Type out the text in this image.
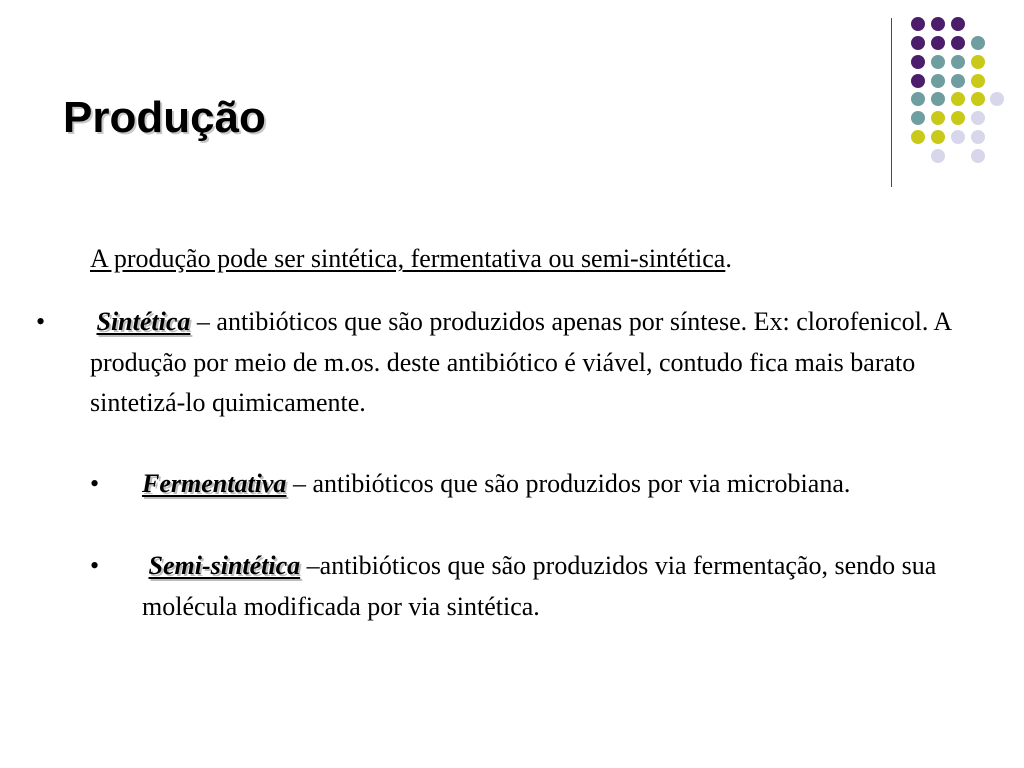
Produção
A produção pode ser sintética, fermentativa ou semi-sintética.
• Sintética – antibióticos que são produzidos apenas por síntese. Ex: clorofenicol. A produção por meio de m.os. deste antibiótico é viável, contudo fica mais barato sintetizá-lo quimicamente.
• Fermentativa – antibióticos que são produzidos por via microbiana.
• Semi-sintética –antibióticos que são produzidos via fermentação, sendo sua molécula modificada por via sintética.
